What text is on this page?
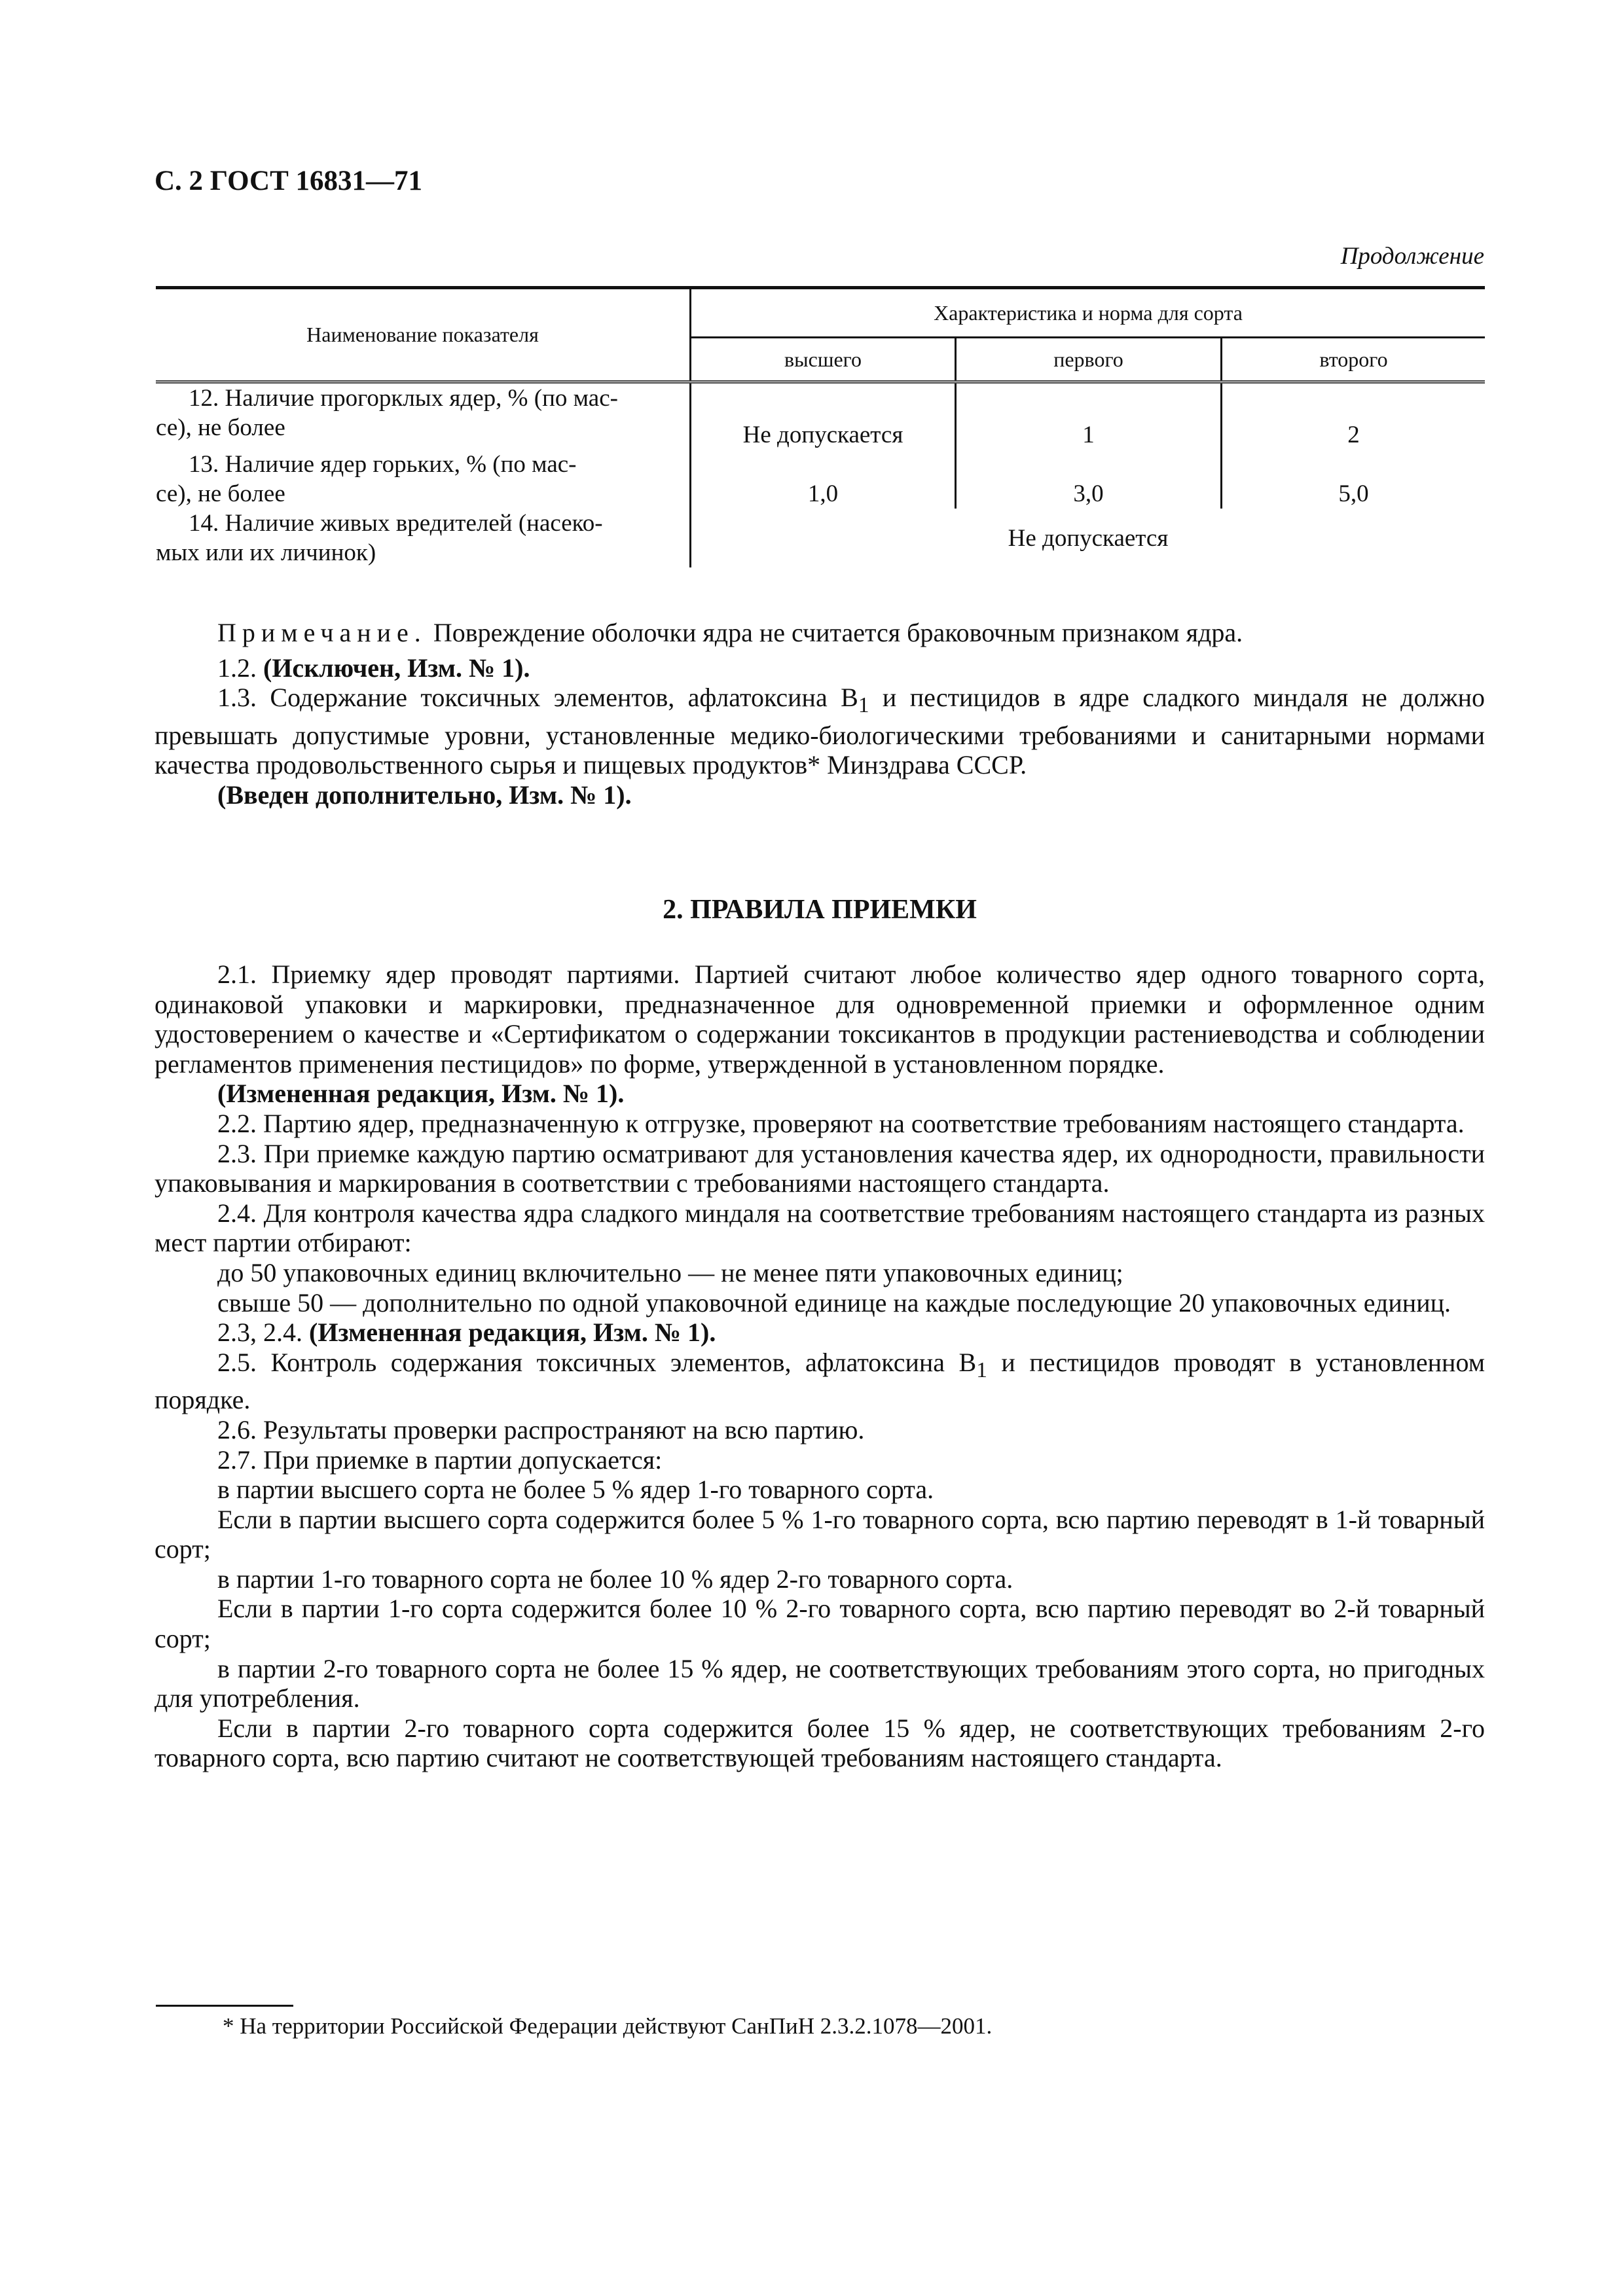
С. 2 ГОСТ 16831—71
Продолжение
Наименование показателя	Характеристика и норма для сорта		
	высшего	первого	второго

12. Наличие прогорклых ядер, % (по мас-
се), не более	Не допускается	1	2

13. Наличие ядер горьких, % (по мас-
се), не более	1,0	3,0	5,0

14. Наличие живых вредителей (насеко-
мых или их личинок)	Не допускается		

Примечание. Повреждение оболочки ядра не считается браковочным признаком ядра.

1.2. (Исключен, Изм. № 1).

1.3. Содержание токсичных элементов, афлатоксина $В_1$ и пестицидов в ядре сладкого миндаля не должно превышать допустимые уровни, установленные медико-биологическими требованиями и санитарными нормами качества продовольственного сырья и пищевых продуктов* Минздрава СССР.

(Введен дополнительно, Изм. № 1).

2. ПРАВИЛА ПРИЕМКИ

2.1. Приемку ядер проводят партиями. Партией считают любое количество ядер одного товарного сорта, одинаковой упаковки и маркировки, предназначенное для одновременной приемки и оформленное одним удостоверением о качестве и «Сертификатом о содержании токсикантов в продукции растениеводства и соблюдении регламентов применения пестицидов» по форме, утвержденной в установленном порядке.

(Измененная редакция, Изм. № 1).

2.2. Партию ядер, предназначенную к отгрузке, проверяют на соответствие требованиям настоящего стандарта.

2.3. При приемке каждую партию осматривают для установления качества ядер, их однородности, правильности упаковывания и маркирования в соответствии с требованиями настоящего стандарта.

2.4. Для контроля качества ядра сладкого миндаля на соответствие требованиям настоящего стандарта из разных мест партии отбирают:

до 50 упаковочных единиц включительно — не менее пяти упаковочных единиц;

свыше 50 — дополнительно по одной упаковочной единице на каждые последующие 20 упаковочных единиц.

2.3, 2.4. (Измененная редакция, Изм. № 1).

2.5. Контроль содержания токсичных элементов, афлатоксина $В_1$ и пестицидов проводят в установленном порядке.

2.6. Результаты проверки распространяют на всю партию.

2.7. При приемке в партии допускается:

в партии высшего сорта не более 5 % ядер 1-го товарного сорта.

Если в партии высшего сорта содержится более 5 % 1-го товарного сорта, всю партию переводят в 1-й товарный сорт;

в партии 1-го товарного сорта не более 10 % ядер 2-го товарного сорта.

Если в партии 1-го сорта содержится более 10 % 2-го товарного сорта, всю партию переводят во 2-й товарный сорт;

в партии 2-го товарного сорта не более 15 % ядер, не соответствующих требованиям этого сорта, но пригодных для употребления.

Если в партии 2-го товарного сорта содержится более 15 % ядер, не соответствующих требованиям 2-го товарного сорта, всю партию считают не соответствующей требованиям настоящего стандарта.

* На территории Российской Федерации действуют СанПиН 2.3.2.1078—2001.
